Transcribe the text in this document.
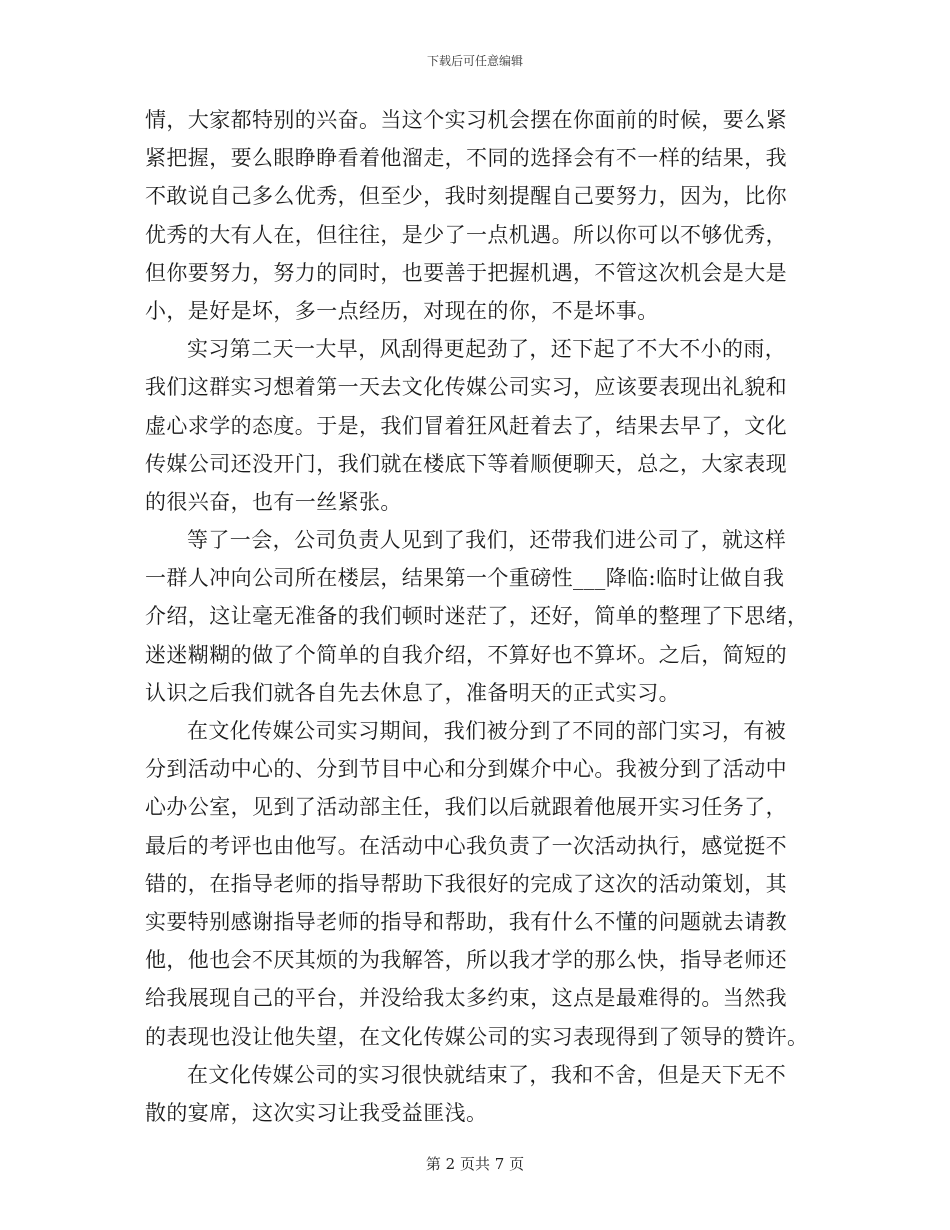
下载后可任意编辑
情，大家都特别的兴奋。当这个实习机会摆在你面前的时候，要么紧
紧把握，要么眼睁睁看着他溜走，不同的选择会有不一样的结果，我
不敢说自己多么优秀，但至少，我时刻提醒自己要努力，因为，比你
优秀的大有人在，但往往，是少了一点机遇。所以你可以不够优秀，
但你要努力，努力的同时，也要善于把握机遇，不管这次机会是大是
小，是好是坏，多一点经历，对现在的你，不是坏事。
实习第二天一大早，风刮得更起劲了，还下起了不大不小的雨，
我们这群实习想着第一天去文化传媒公司实习，应该要表现出礼貌和
虚心求学的态度。于是，我们冒着狂风赶着去了，结果去早了，文化
传媒公司还没开门，我们就在楼底下等着顺便聊天，总之，大家表现
的很兴奋，也有一丝紧张。
等了一会，公司负责人见到了我们，还带我们进公司了，就这样
一群人冲向公司所在楼层，结果第一个重磅性___降临:临时让做自我
介绍，这让毫无准备的我们顿时迷茫了，还好，简单的整理了下思绪，
迷迷糊糊的做了个简单的自我介绍，不算好也不算坏。之后，简短的
认识之后我们就各自先去休息了，准备明天的正式实习。
在文化传媒公司实习期间，我们被分到了不同的部门实习，有被
分到活动中心的、分到节目中心和分到媒介中心。我被分到了活动中
心办公室，见到了活动部主任，我们以后就跟着他展开实习任务了，
最后的考评也由他写。在活动中心我负责了一次活动执行，感觉挺不
错的，在指导老师的指导帮助下我很好的完成了这次的活动策划，其
实要特别感谢指导老师的指导和帮助，我有什么不懂的问题就去请教
他，他也会不厌其烦的为我解答，所以我才学的那么快，指导老师还
给我展现自己的平台，并没给我太多约束，这点是最难得的。当然我
的表现也没让他失望，在文化传媒公司的实习表现得到了领导的赞许。
在文化传媒公司的实习很快就结束了，我和不舍，但是天下无不
散的宴席，这次实习让我受益匪浅。
第 2 页共 7 页
